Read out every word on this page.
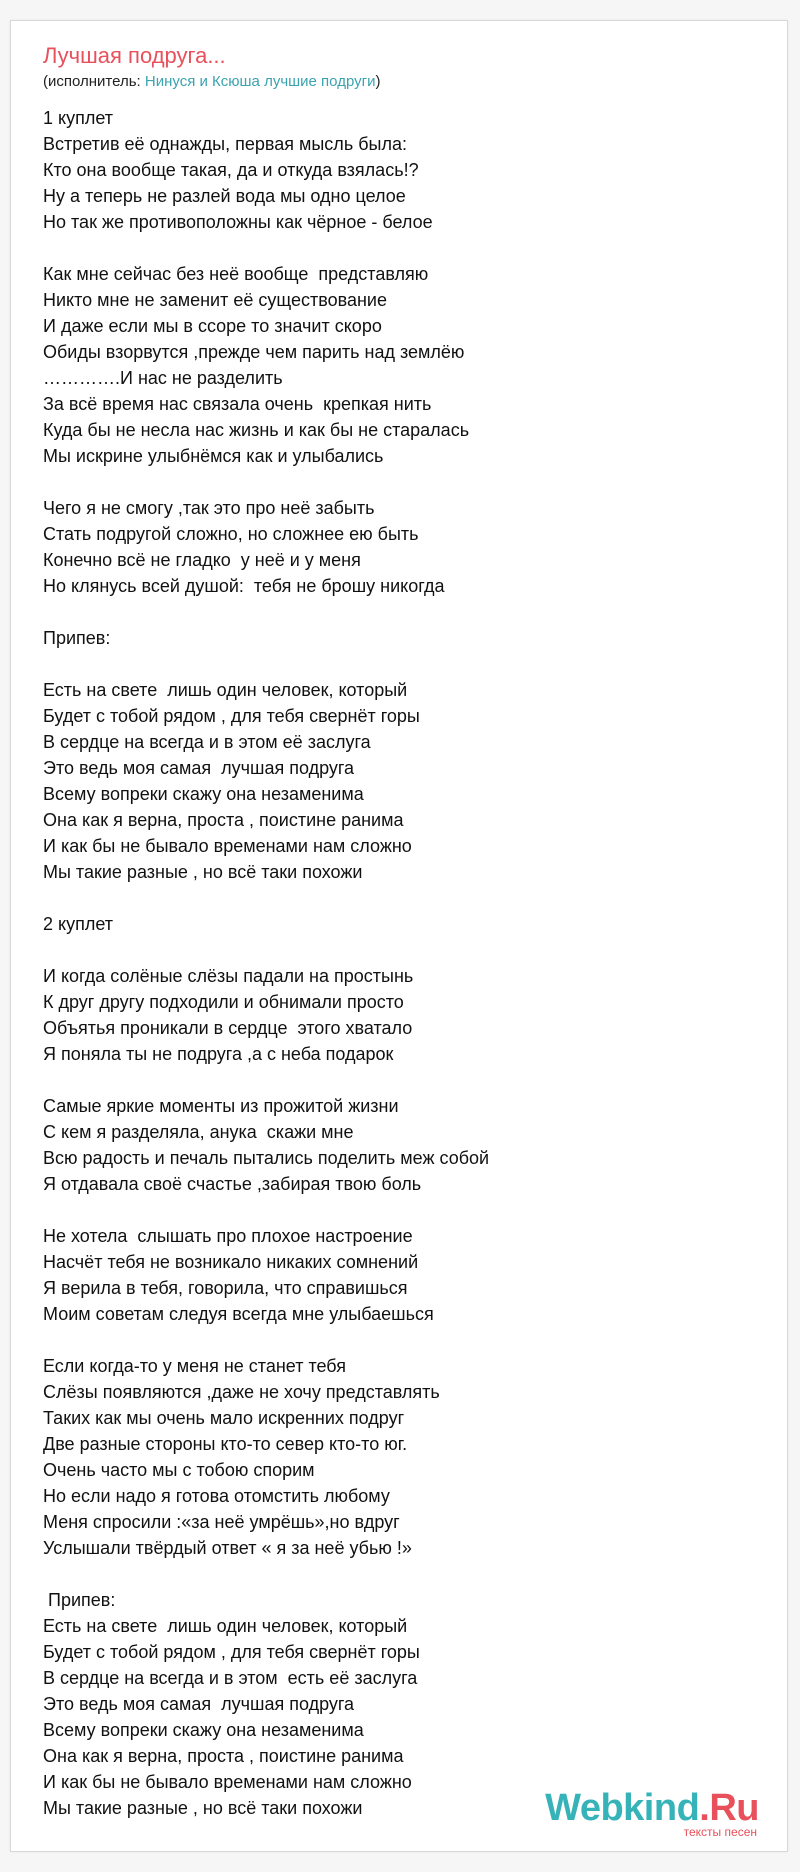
Лучшая подруга...
(исполнитель: Нинуся и Ксюша лучшие подруги)
1 куплет
Встретив её однажды, первая мысль была:
Кто она вообще такая, да и откуда взялась!?
Ну а теперь не разлей вода мы одно целое
Но так же противоположны как чёрное - белое
Как мне сейчас без неё вообще  представляю
Никто мне не заменит её существование
И даже если мы в ссоре то значит скоро
Обиды взорвутся ,прежде чем парить над землёю
………….И нас не разделить
За всё время нас связала очень  крепкая нить
Куда бы не несла нас жизнь и как бы не старалась
Мы искрине улыбнёмся как и улыбались
Чего я не смогу ,так это про неё забыть
Стать подругой сложно, но сложнее ею быть
Конечно всё не гладко  у неё и у меня
Но клянусь всей душой:  тебя не брошу никогда
Припев:
Есть на свете  лишь один человек, который
Будет с тобой рядом , для тебя свернёт горы
В сердце на всегда и в этом её заслуга
Это ведь моя самая  лучшая подруга
Всему вопреки скажу она незаменима
Она как я верна, проста , поистине ранима
И как бы не бывало временами нам сложно
Мы такие разные , но всё таки похожи
2 куплет
И когда солёные слёзы падали на простынь
К друг другу подходили и обнимали просто
Объятья проникали в сердце  этого хватало
Я поняла ты не подруга ,а с неба подарок
Самые яркие моменты из прожитой жизни
С кем я разделяла, анука  скажи мне
Всю радость и печаль пытались поделить меж собой
Я отдавала своё счастье ,забирая твою боль
Не хотела  слышать про плохое настроение
Насчёт тебя не возникало никаких сомнений
Я верила в тебя, говорила, что справишься
Моим советам следуя всегда мне улыбаешься
Если когда-то у меня не станет тебя
Слёзы появляются ,даже не хочу представлять
Таких как мы очень мало искренних подруг
Две разные стороны кто-то север кто-то юг.
Очень часто мы с тобою спорим
Но если надо я готова отомстить любому
Меня спросили :«за неё умрёшь»,но вдруг
Услышали твёрдый ответ « я за неё убью !»
Припев:
Есть на свете  лишь один человек, который
Будет с тобой рядом , для тебя свернёт горы
В сердце на всегда и в этом  есть её заслуга
Это ведь моя самая  лучшая подруга
Всему вопреки скажу она незаменима
Она как я верна, проста , поистине ранима
И как бы не бывало временами нам сложно
Мы такие разные , но всё таки похожи	Webkind.Ru
тексты песен
